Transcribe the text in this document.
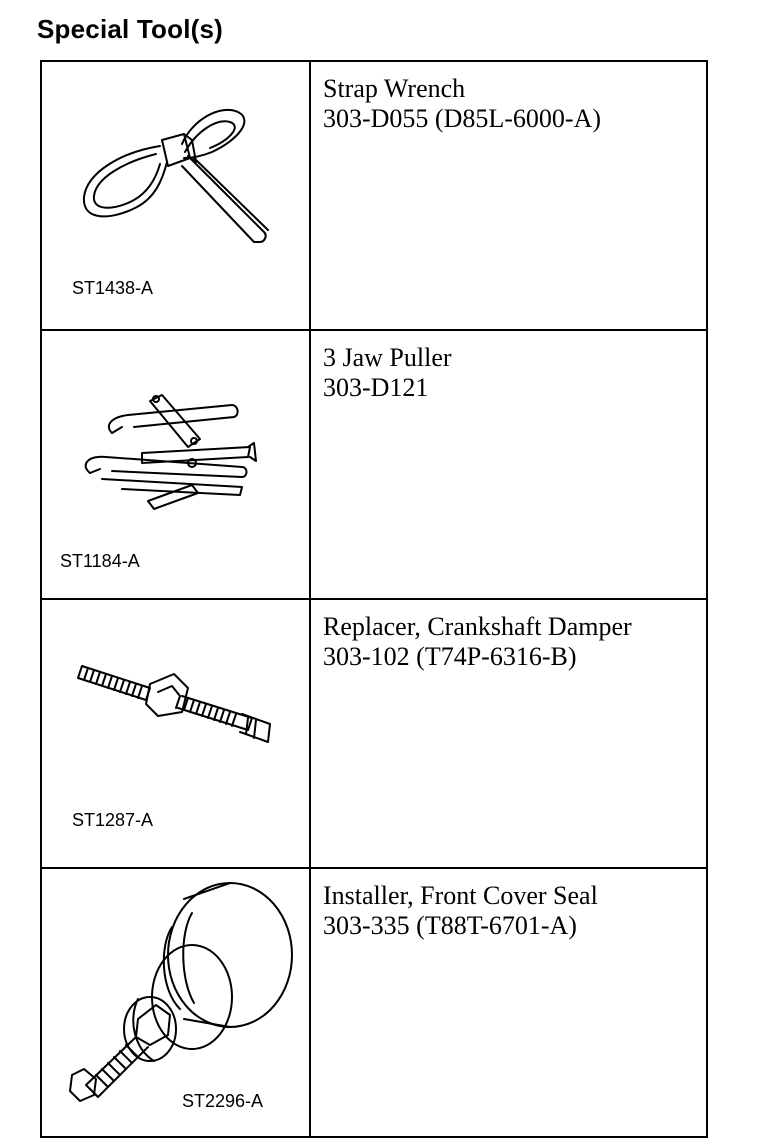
Special Tool(s)
ST1438-A	Strap Wrench
303-D055 (D85L-6000-A)

ST1184-A	3 Jaw Puller
303-D121

ST1287-A	Replacer, Crankshaft Damper
303-102 (T74P-6316-B)

ST2296-A	Installer, Front Cover Seal
303-335 (T88T-6701-A)
